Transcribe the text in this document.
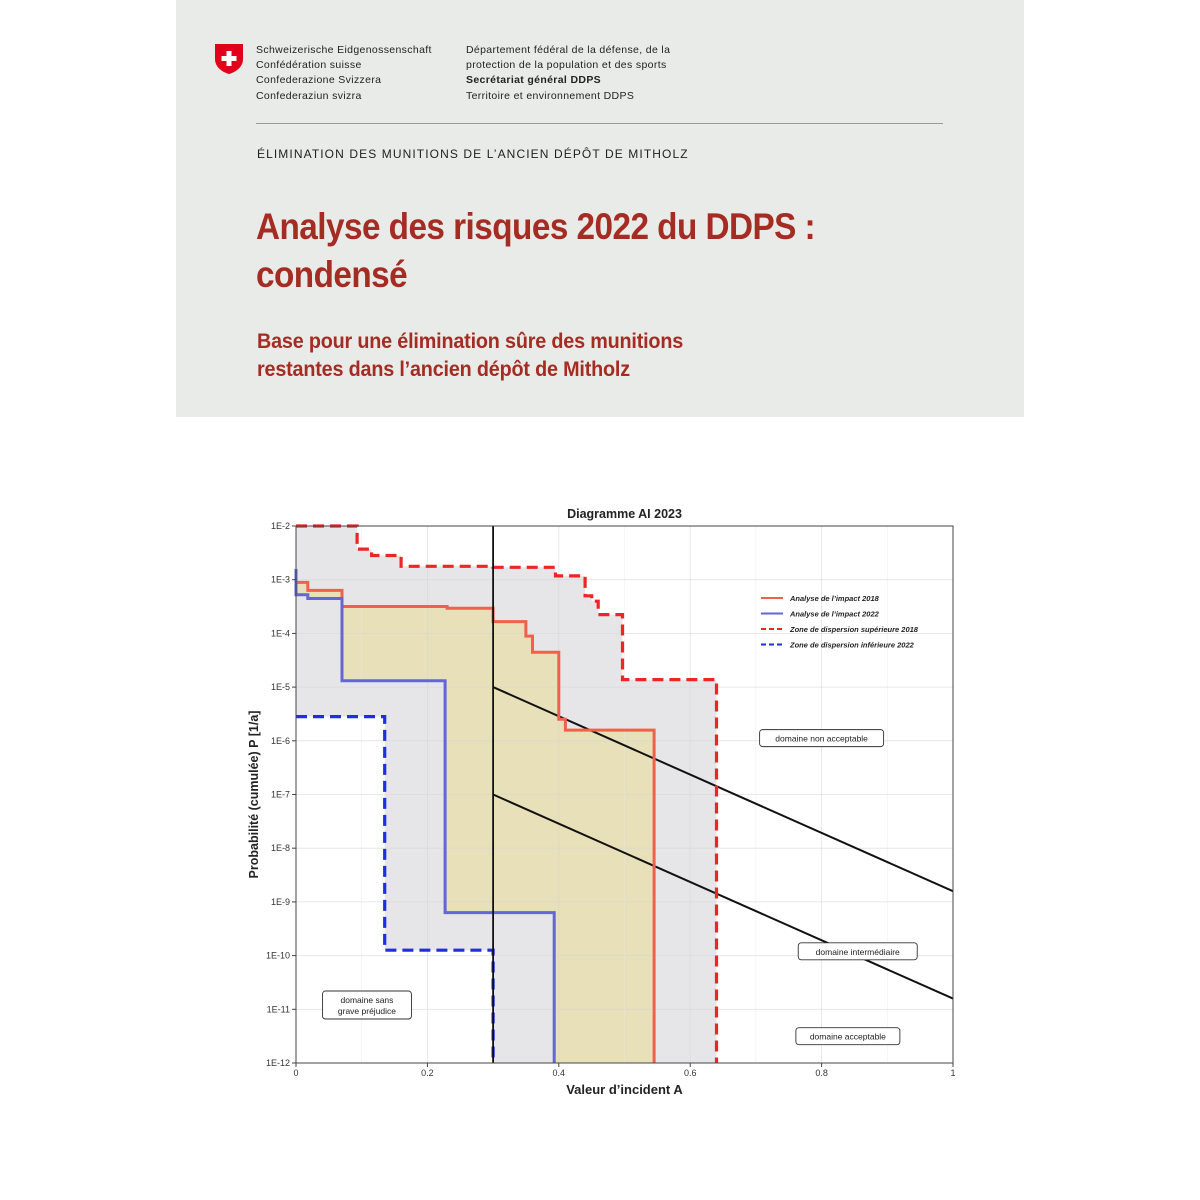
Schweizerische Eidgenossenschaft
Confédération suisse
Confederazione Svizzera
Confederaziun svizra
Département fédéral de la défense, de la
protection de la population et des sports
Secrétariat général DDPS
Territoire et environnement DDPS
ÉLIMINATION DES MUNITIONS DE L’ANCIEN DÉPÔT DE MITHOLZ
Analyse des risques 2022 du DDPS :
condensé
Base pour une élimination sûre des munitions
restantes dans l’ancien dépôt de Mitholz
0	0.2	0.4	0.6	0.8	1
1E-2
1E-3
1E-4
1E-5
1E-6
1E-7
1E-8
1E-9
1E-10
1E-11
1E-12
Diagramme AI 2023
Valeur d’incident A
Probabilité (cumulée) P [1/a]
Analyse de l’impact 2018
Analyse de l’impact 2022
Zone de dispersion supérieure 2018
Zone de dispersion inférieure 2022
domaine non acceptable
domaine intermédiaire
domaine acceptable
domaine sans
grave préjudice
